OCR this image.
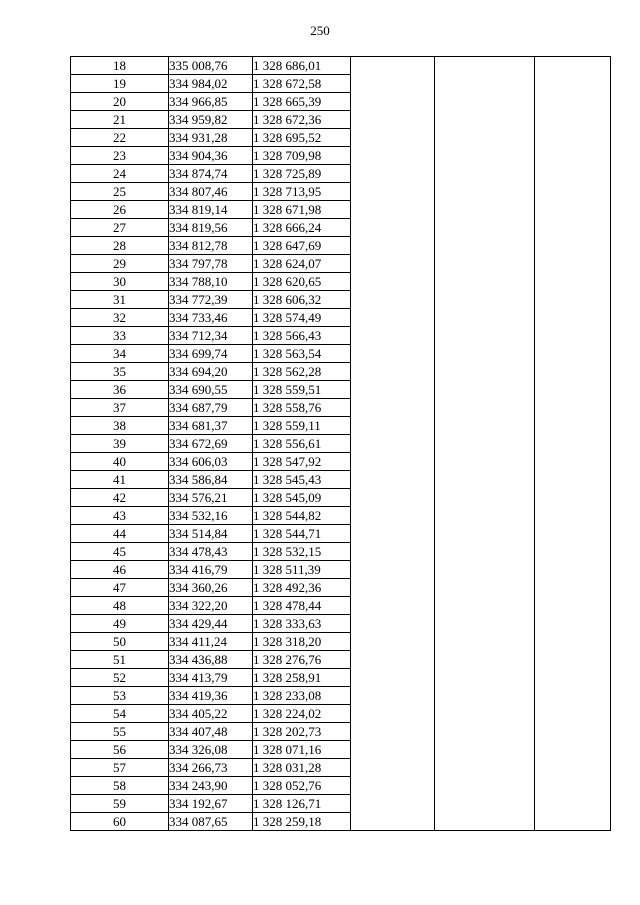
250
18	335 008,76	1 328 686,01			
19	334 984,02	1 328 672,58			
20	334 966,85	1 328 665,39			
21	334 959,82	1 328 672,36			
22	334 931,28	1 328 695,52			
23	334 904,36	1 328 709,98			
24	334 874,74	1 328 725,89			
25	334 807,46	1 328 713,95			
26	334 819,14	1 328 671,98			
27	334 819,56	1 328 666,24			
28	334 812,78	1 328 647,69			
29	334 797,78	1 328 624,07			
30	334 788,10	1 328 620,65			
31	334 772,39	1 328 606,32			
32	334 733,46	1 328 574,49			
33	334 712,34	1 328 566,43			
34	334 699,74	1 328 563,54			
35	334 694,20	1 328 562,28			
36	334 690,55	1 328 559,51			
37	334 687,79	1 328 558,76			
38	334 681,37	1 328 559,11			
39	334 672,69	1 328 556,61			
40	334 606,03	1 328 547,92			
41	334 586,84	1 328 545,43			
42	334 576,21	1 328 545,09			
43	334 532,16	1 328 544,82			
44	334 514,84	1 328 544,71			
45	334 478,43	1 328 532,15			
46	334 416,79	1 328 511,39			
47	334 360,26	1 328 492,36			
48	334 322,20	1 328 478,44			
49	334 429,44	1 328 333,63			
50	334 411,24	1 328 318,20			
51	334 436,88	1 328 276,76			
52	334 413,79	1 328 258,91			
53	334 419,36	1 328 233,08			
54	334 405,22	1 328 224,02			
55	334 407,48	1 328 202,73			
56	334 326,08	1 328 071,16			
57	334 266,73	1 328 031,28			
58	334 243,90	1 328 052,76			
59	334 192,67	1 328 126,71			
60	334 087,65	1 328 259,18			
